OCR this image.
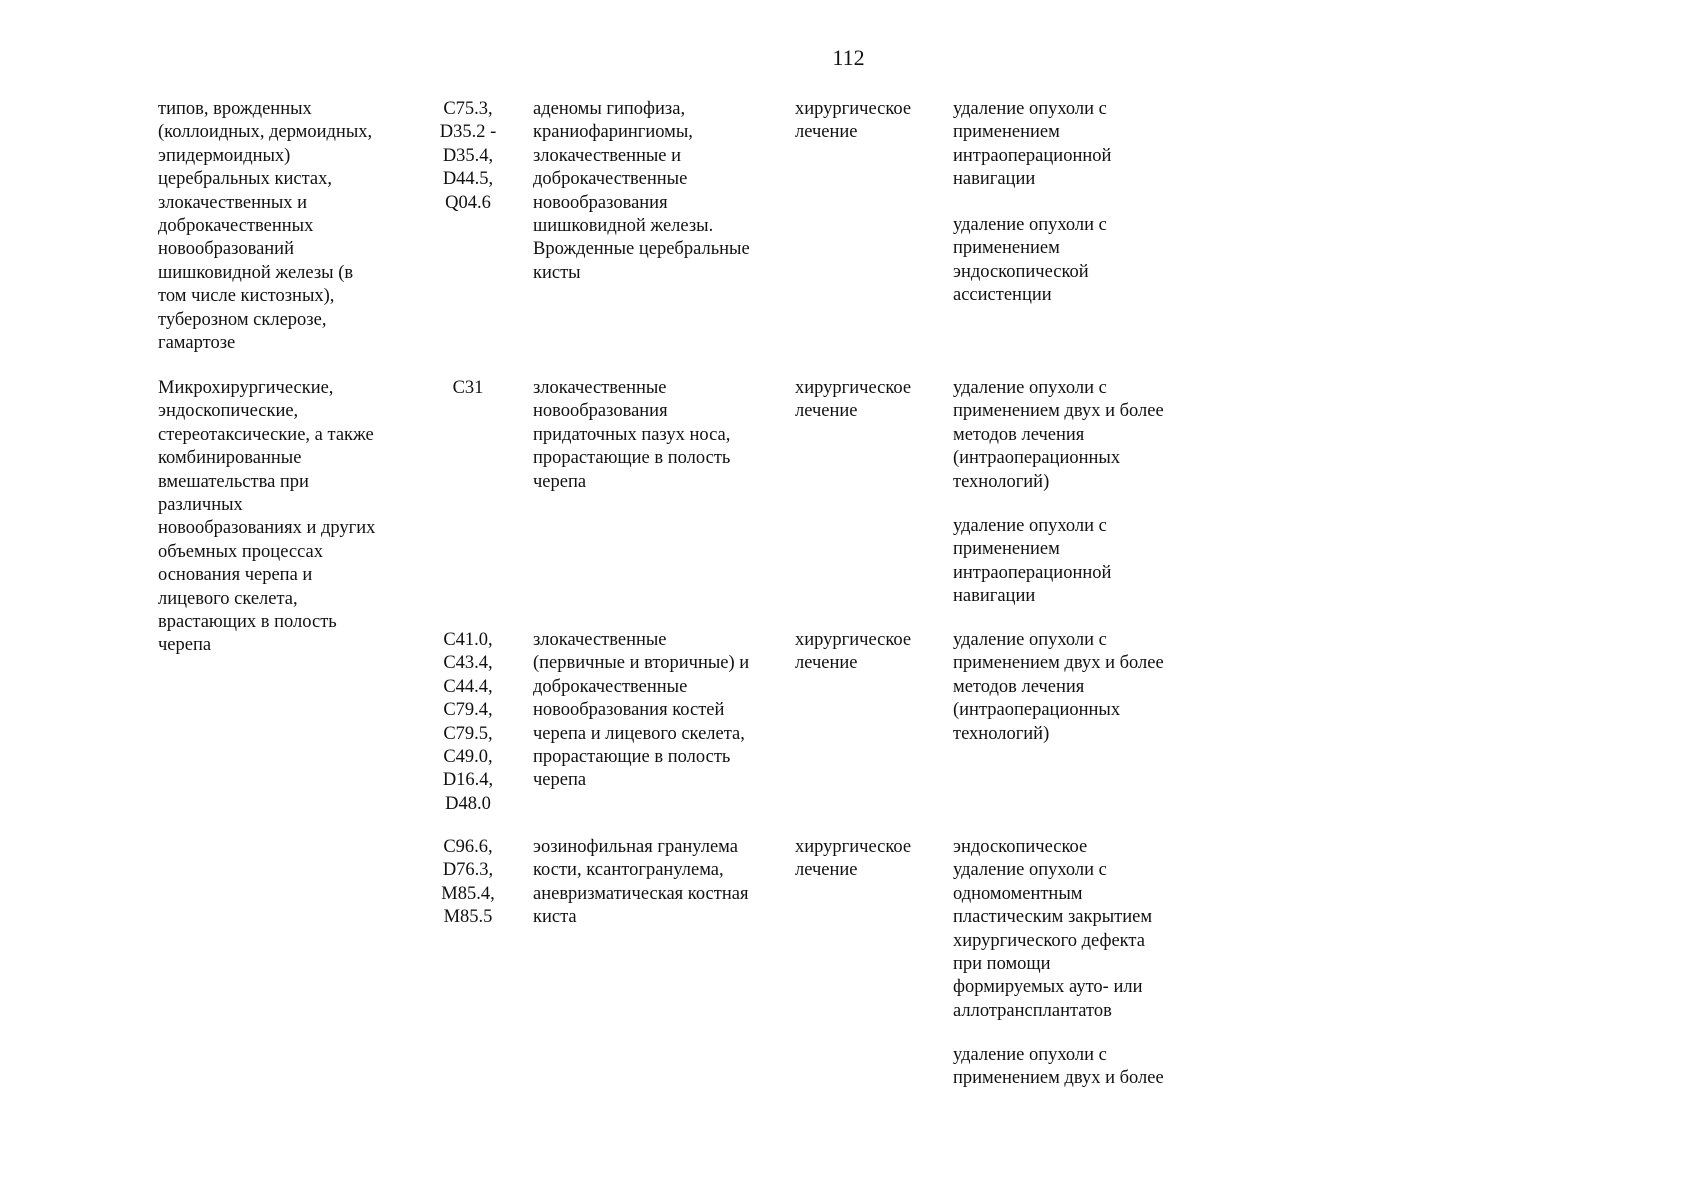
112
типов, врожденных
(коллоидных, дермоидных,
эпидермоидных)
церебральных кистах,
злокачественных и
доброкачественных
новообразований
шишковидной железы (в
том числе кистозных),
туберозном склерозе,
гамартозе
C75.3,
D35.2 -
D35.4,
D44.5,
Q04.6
аденомы гипофиза,
краниофарингиомы,
злокачественные и
доброкачественные
новообразования
шишковидной железы.
Врожденные церебральные
кисты
хирургическое
лечение
удаление опухоли с
применением
интраоперационной
навигации
удаление опухоли с
применением
эндоскопической
ассистенции
Микрохирургические,
эндоскопические,
стереотаксические, а также
комбинированные
вмешательства при
различных
новообразованиях и других
объемных процессах
основания черепа и
лицевого скелета,
врастающих в полость
черепа
C31	злокачественные
новообразования
придаточных пазух носа,
прорастающие в полость
черепа
хирургическое
лечение
удаление опухоли с
применением двух и более
методов лечения
(интраоперационных
технологий)
удаление опухоли с
применением
интраоперационной
навигации
C41.0,
C43.4,
C44.4,
C79.4,
C79.5,
C49.0,
D16.4,
D48.0
злокачественные
(первичные и вторичные) и
доброкачественные
новообразования костей
черепа и лицевого скелета,
прорастающие в полость
черепа
хирургическое
лечение
удаление опухоли с
применением двух и более
методов лечения
(интраоперационных
технологий)
C96.6,
D76.3,
M85.4,
M85.5
эозинофильная гранулема
кости, ксантогранулема,
аневризматическая костная
киста
хирургическое
лечение
эндоскопическое
удаление опухоли с
одномоментным
пластическим закрытием
хирургического дефекта
при помощи
формируемых ауто- или
аллотрансплантатов
удаление опухоли с
применением двух и более
